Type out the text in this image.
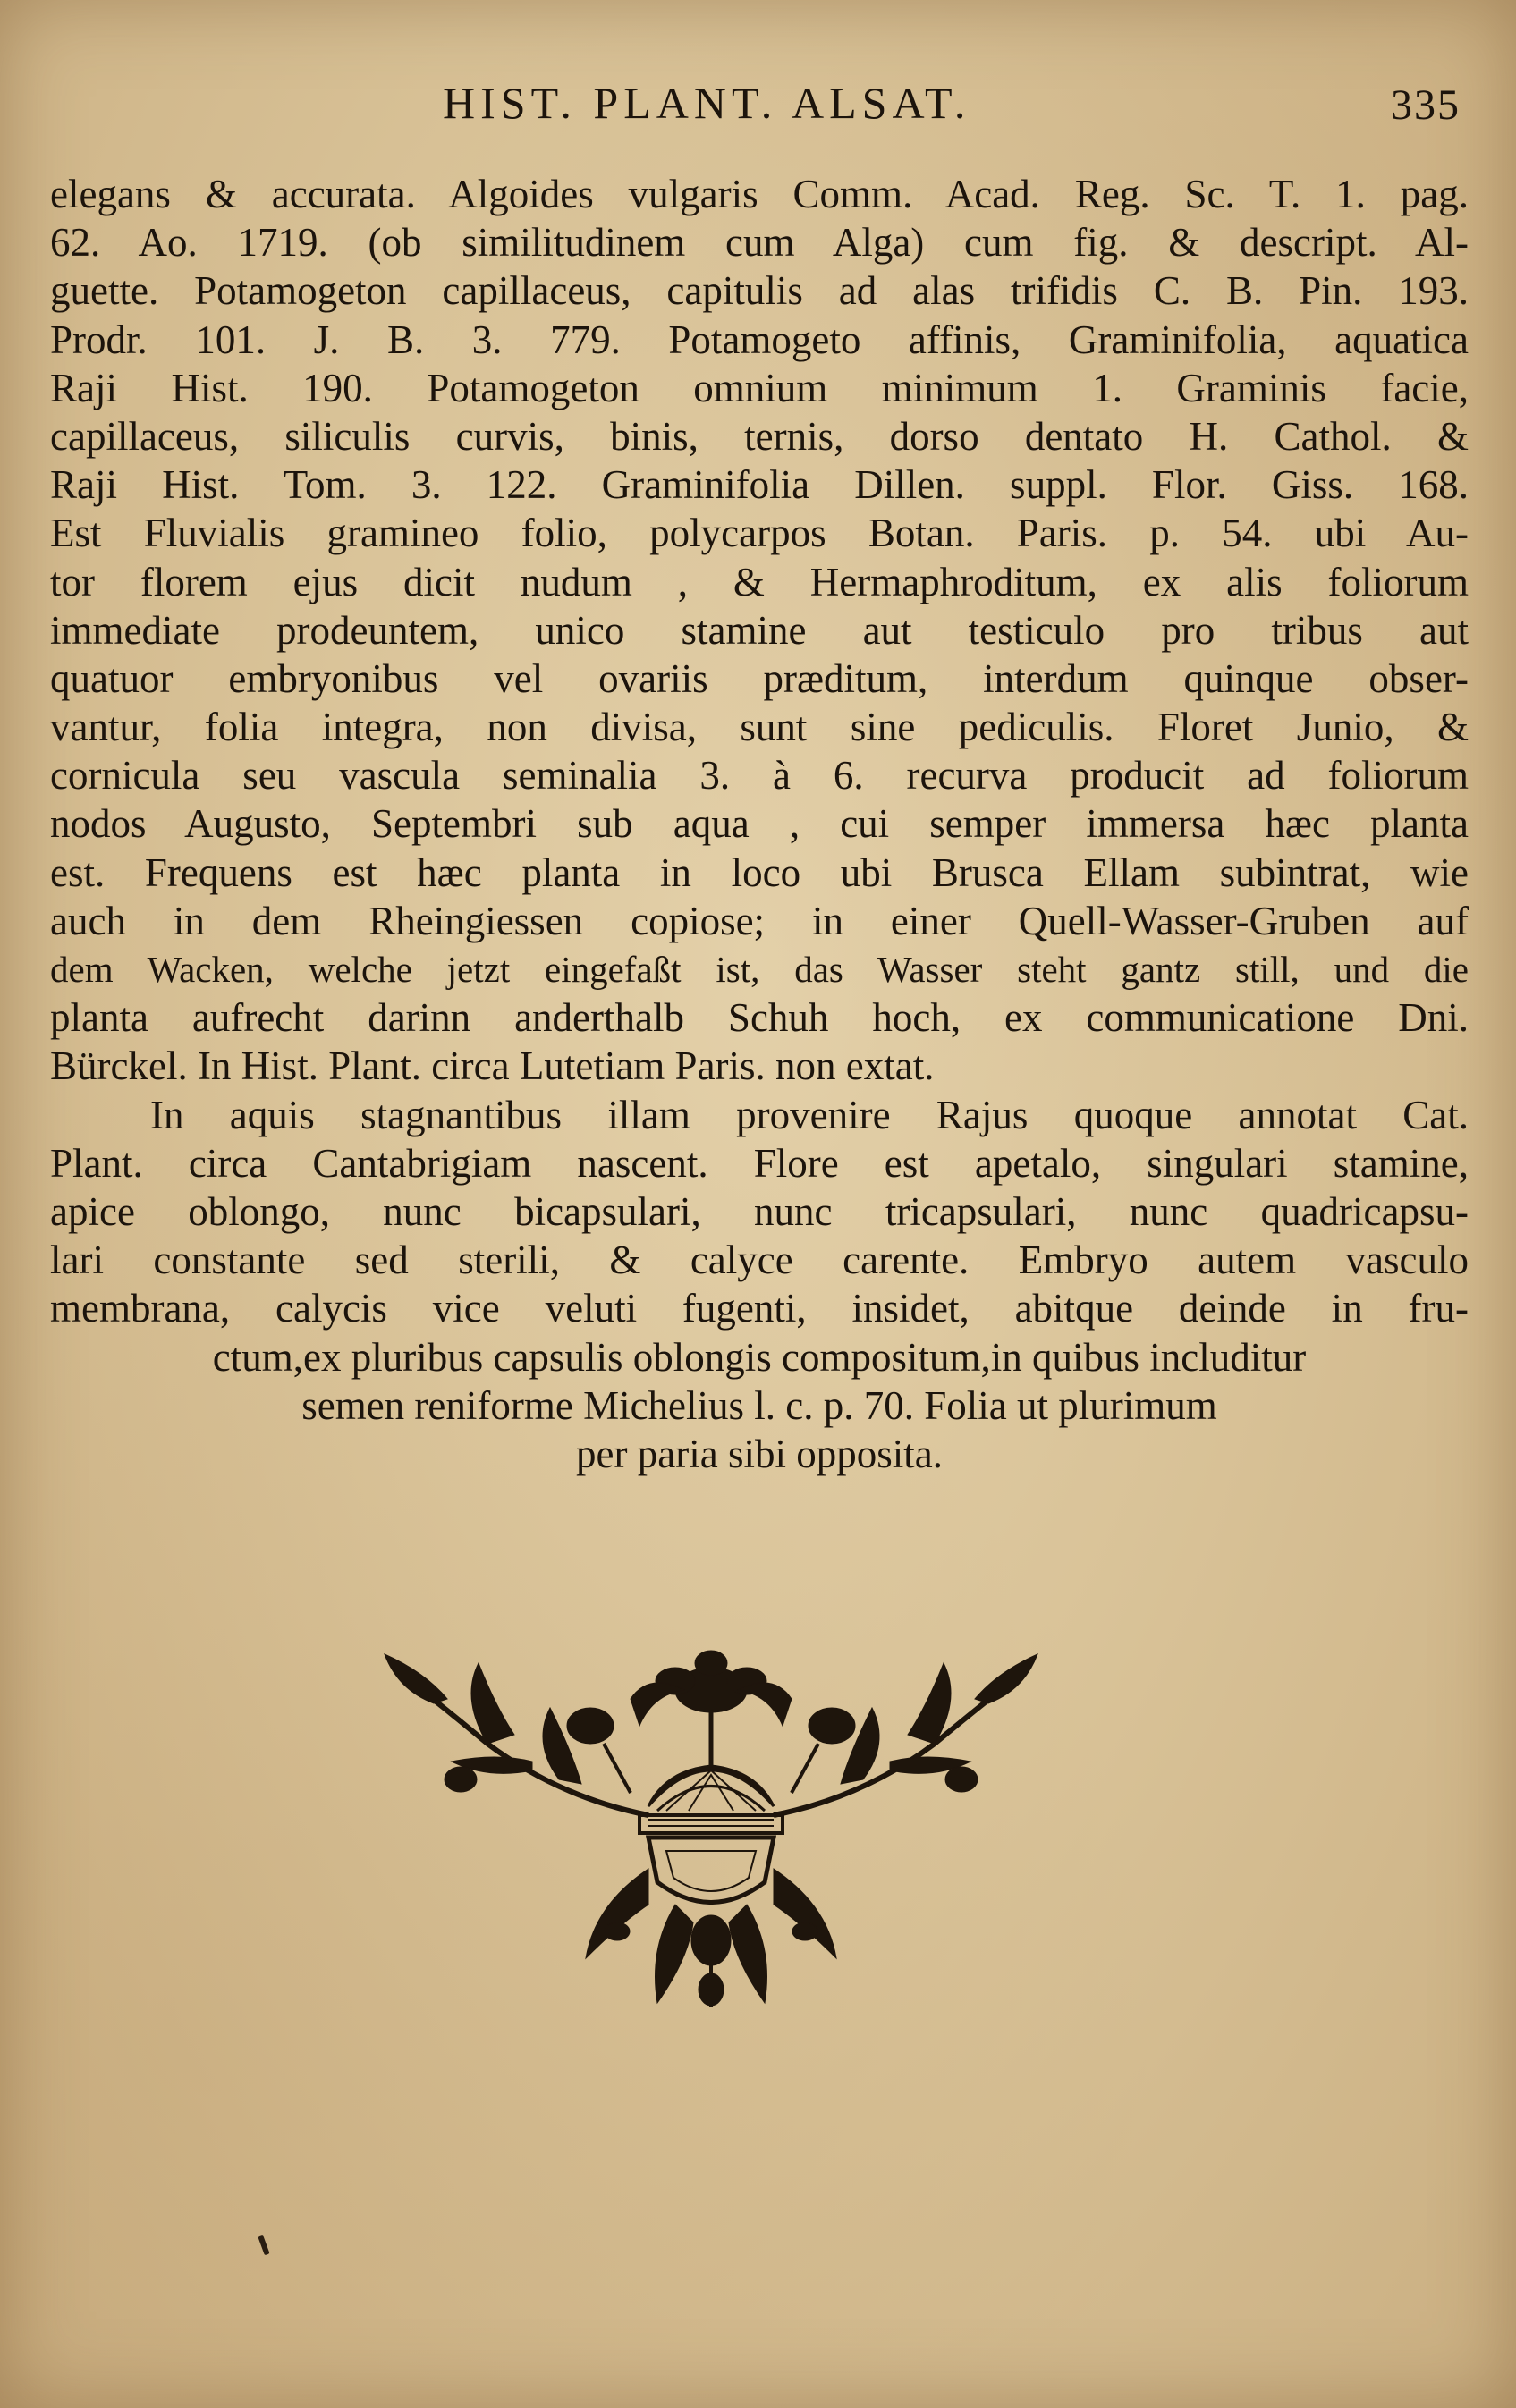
HIST. PLANT. ALSAT.	335
elegans & accurata. Algoides vulgaris Comm. Acad. Reg. Sc. T. 1. pag.
62. Ao. 1719. (ob similitudinem cum Alga) cum fig. & descript. Al-
guette. Potamogeton capillaceus, capitulis ad alas trifidis C. B. Pin. 193.
Prodr. 101. J. B. 3. 779. Potamogeto affinis, Graminifolia, aquatica
Raji Hist. 190. Potamogeton omnium minimum 1. Graminis facie,
capillaceus, siliculis curvis, binis, ternis, dorso dentato H. Cathol. &
Raji Hist. Tom. 3. 122. Graminifolia Dillen. suppl. Flor. Giss. 168.
Est Fluvialis gramineo folio, polycarpos Botan. Paris. p. 54. ubi Au-
tor florem ejus dicit nudum , & Hermaphroditum, ex alis foliorum
immediate prodeuntem, unico stamine aut testiculo pro tribus aut
quatuor embryonibus vel ovariis præditum, interdum quinque obser-
vantur, folia integra, non divisa, sunt sine pediculis. Floret Junio, &
cornicula seu vascula seminalia 3. à 6. recurva producit ad foliorum
nodos Augusto, Septembri sub aqua , cui semper immersa hæc planta
est. Frequens est hæc planta in loco ubi Brusca Ellam subintrat, wie
auch in dem Rheingiessen copiose; in einer Quell-Wasser-Gruben auf
dem Wacken, welche jetzt eingefaßt ist, das Wasser steht gantz still, und die
planta aufrecht darinn anderthalb Schuh hoch, ex communicatione Dni.
Bürckel. In Hist. Plant. circa Lutetiam Paris. non extat.
In aquis stagnantibus illam provenire Rajus quoque annotat Cat.
Plant. circa Cantabrigiam nascent. Flore est apetalo, singulari stamine,
apice oblongo, nunc bicapsulari, nunc tricapsulari, nunc quadricapsu-
lari constante sed sterili, & calyce carente. Embryo autem vasculo
membrana, calycis vice veluti fugenti, insidet, abitque deinde in fru-
ctum,ex pluribus capsulis oblongis compositum,in quibus includitur
semen reniforme Michelius l. c. p. 70. Folia ut plurimum
per paria sibi opposita.
